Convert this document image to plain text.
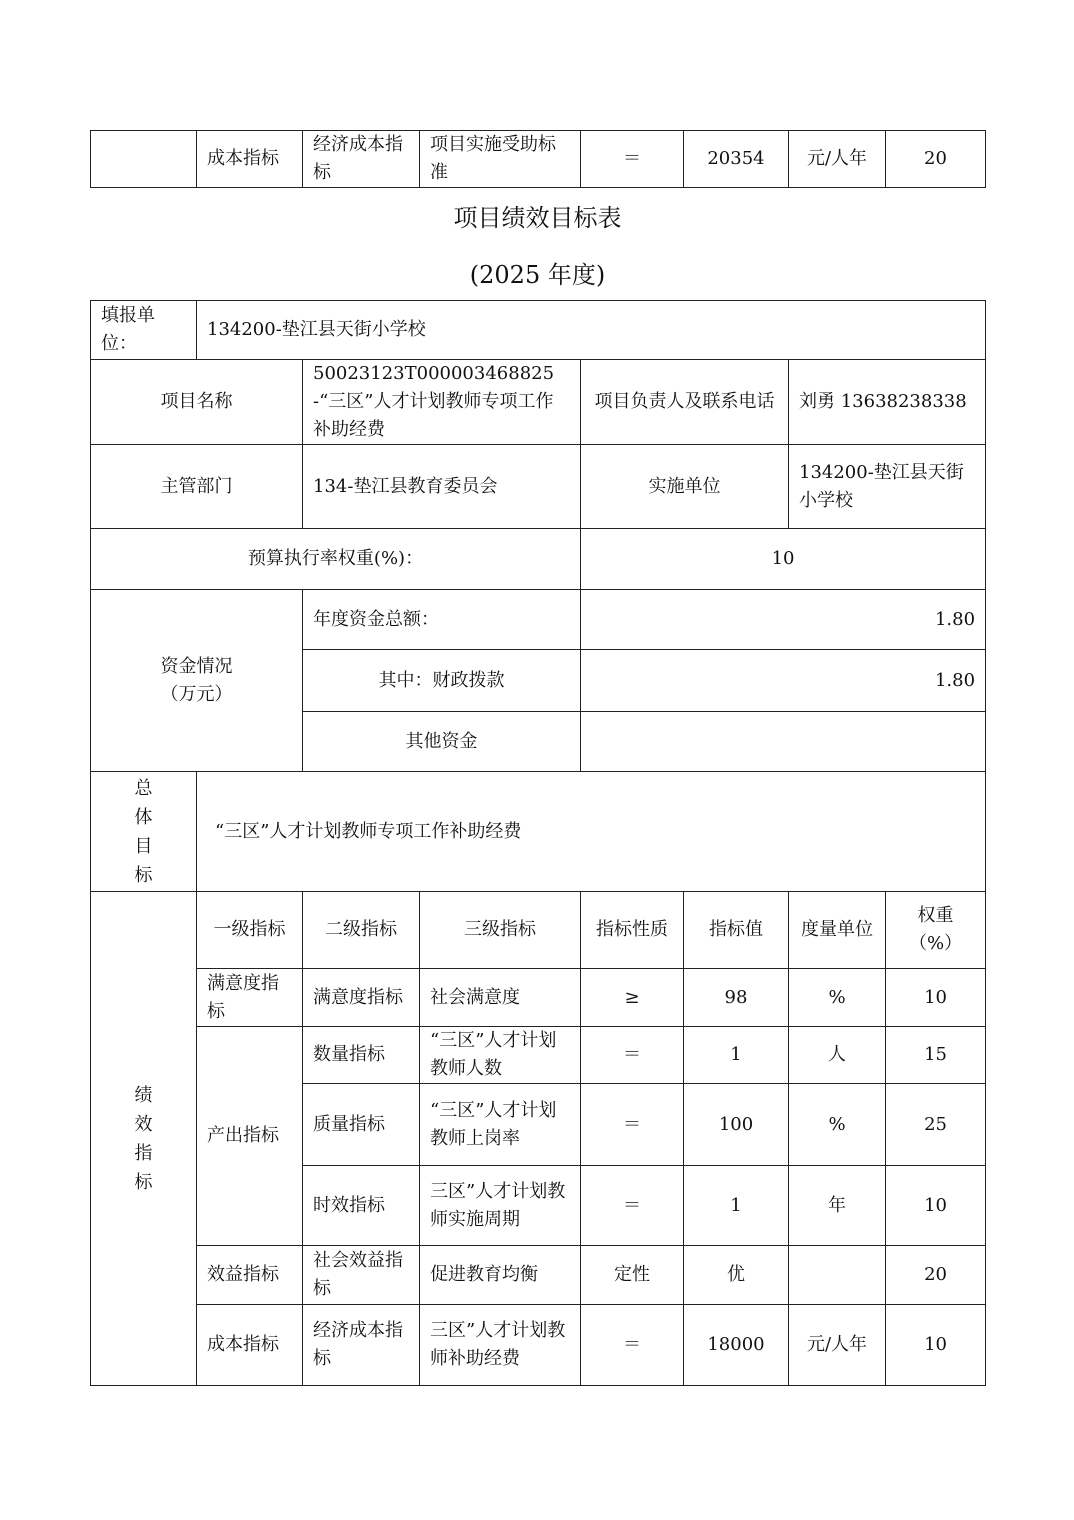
	成本指标	经济成本指标	项目实施受助标准	＝	20354	元/人年	20
项目绩效目标表
(2025 年度)
填报单位：	134200-垫江县天街小学校						
项目名称		50023123T000003468825-“三区”人才计划教师专项工作补助经费		项目负责人及联系电话		刘勇 13638238338	
主管部门		134-垫江县教育委员会		实施单位		134200-垫江县天街小学校	
预算执行率权重(%)：				10			

资金情况
（万元）		年度资金总额：		1.80			
		其中：财政拨款		1.80			
		其他资金					

总
体
目
标	“三区”人才计划教师专项工作补助经费						

绩
效
指
标	一级指标	二级指标	三级指标	指标性质	指标值	度量单位	权重（%）
	满意度指标	满意度指标	社会满意度	≥	98	%	10
	产出指标	数量指标	“三区”人才计划教师人数	＝	1	人	15
		质量指标	“三区”人才计划教师上岗率	＝	100	%	25
		时效指标	三区”人才计划教师实施周期	＝	1	年	10
	效益指标	社会效益指标	促进教育均衡	定性	优		20
	成本指标	经济成本指标	三区”人才计划教师补助经费	＝	18000	元/人年	10
